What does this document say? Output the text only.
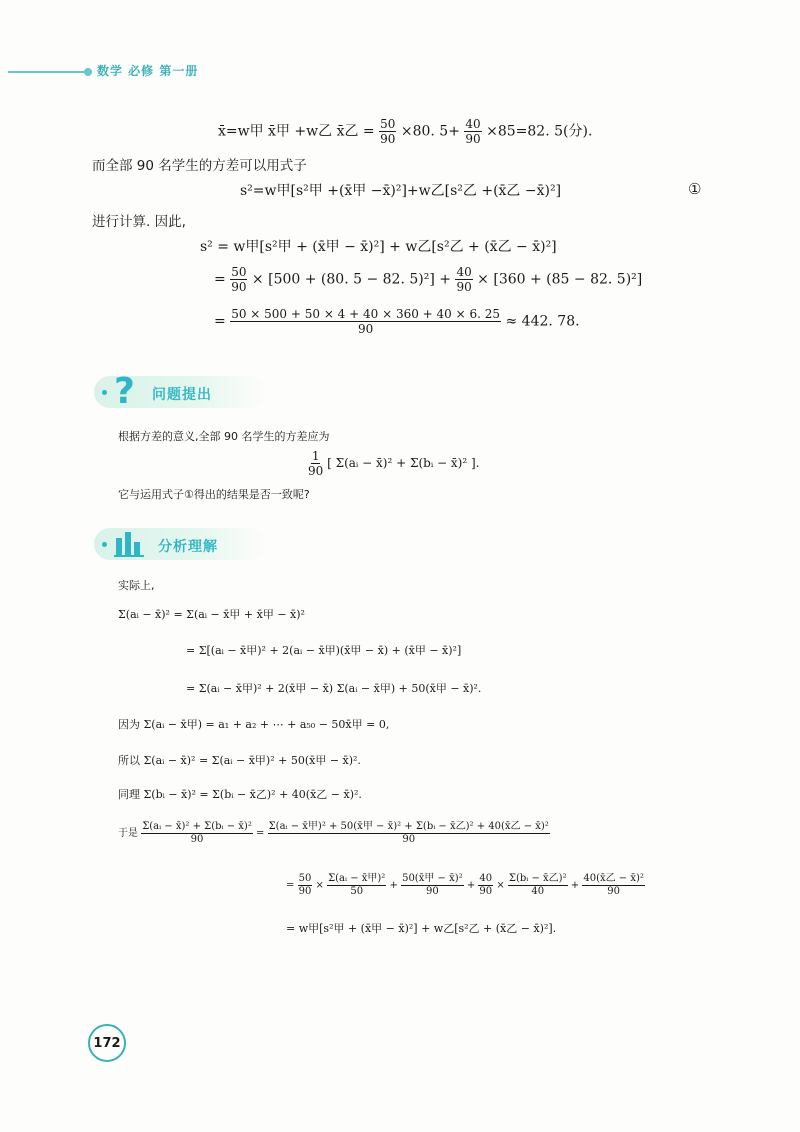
数学 必修 第一册
x̄=w甲 x̄甲 +w乙 x̄乙 = $\frac{50}{90} \times 80$. $5+ \frac{40}{90} \times 85=82$. 5(分).
而全部 90 名学生的方差可以用式子
s²=w甲[s²甲 +(x̄甲 −x̄)²]+w乙[s²乙 +(x̄乙 −x̄)²]	①
进行计算. 因此,
s² = w甲[s²甲 + (x̄甲 − x̄)²] + w乙[s²乙 + (x̄乙 − x̄)²]
= $\frac{50}{90} \times [500 + (80$. 5 − 82. $5)^2] + \frac{40}{90} \times [360 + (85 - 82$. 5)²]
= $\frac{50 \times 500 + 50 \times 4 + 40 \times 360 + 40 \times 6. 25}{90} \approx 442$. 78.
? 问题提出
根据方差的意义,全部 90 名学生的方差应为
$\frac{1}{90}$ [ Σ(aᵢ − x̄)² + Σ(bᵢ − x̄)² ].
它与运用式子①得出的结果是否一致呢?
分析理解
实际上,
Σ(aᵢ − x̄)² = Σ(aᵢ − x̄甲 + x̄甲 − x̄)²
= Σ[(aᵢ − x̄甲)² + 2(aᵢ − x̄甲)(x̄甲 − x̄) + (x̄甲 − x̄)²]
= Σ(aᵢ − x̄甲)² + 2(x̄甲 − x̄) Σ(aᵢ − x̄甲) + 50(x̄甲 − x̄)².
因为 Σ(aᵢ − x̄甲) = a₁ + a₂ + ⋯ + a₅₀ − 50x̄甲 = 0,
所以 Σ(aᵢ − x̄)² = Σ(aᵢ − x̄甲)² + 50(x̄甲 − x̄)².
同理 Σ(bᵢ − x̄)² = Σ(bᵢ − x̄乙)² + 40(x̄乙 − x̄)².
于是 $\frac{\text{Σ(aᵢ − x̄)² + Σ(bᵢ − x̄)²}}{90} = \frac{\text{Σ(aᵢ − x̄甲)² + 50(x̄甲 − x̄)² + Σ(bᵢ − x̄乙)² + 40(x̄乙 − x̄)²}}{90}$
= $\frac{50}{90} \times \frac{\text{Σ(aᵢ − x̄甲)²}}{50} + \frac{\text{50(x̄甲 − x̄)²}}{90} + \frac{40}{90} \times \frac{\text{Σ(bᵢ − x̄乙)²}}{40} + \frac{\text{40(x̄乙 − x̄)²}}{90}$
= w甲[s²甲 + (x̄甲 − x̄)²] + w乙[s²乙 + (x̄乙 − x̄)²].
172
